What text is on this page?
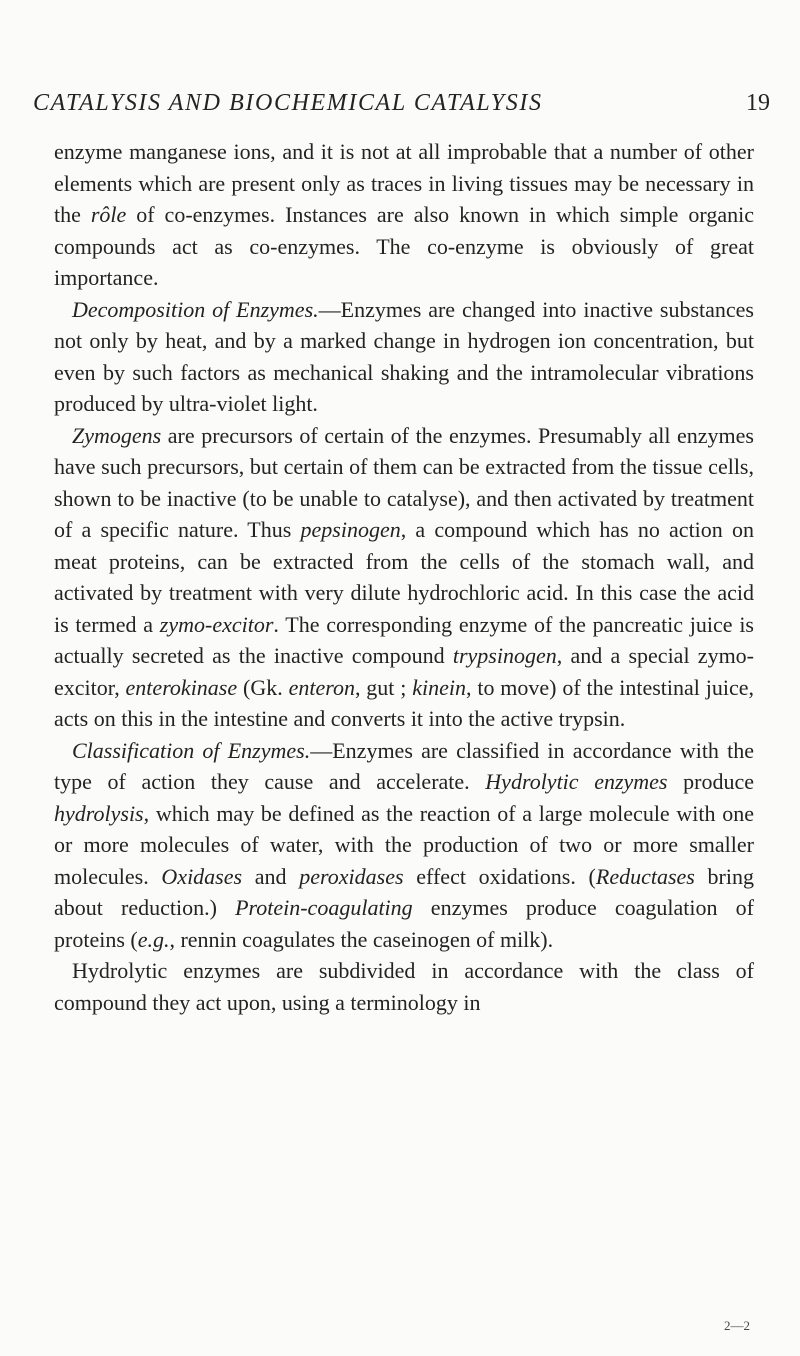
CATALYSIS AND BIOCHEMICAL CATALYSIS	19

enzyme manganese ions, and it is not at all improbable that a number of other elements which are present only as traces in living tissues may be necessary in the rôle of co-enzymes. Instances are also known in which simple organic compounds act as co-enzymes. The co-enzyme is obviously of great importance.

Decomposition of Enzymes.—Enzymes are changed into inactive substances not only by heat, and by a marked change in hydrogen ion concentration, but even by such factors as mechanical shaking and the intramolecular vibrations produced by ultra-violet light.

Zymogens are precursors of certain of the enzymes. Presumably all enzymes have such precursors, but certain of them can be extracted from the tissue cells, shown to be inactive (to be unable to catalyse), and then activated by treatment of a specific nature. Thus pepsinogen, a compound which has no action on meat proteins, can be extracted from the cells of the stomach wall, and activated by treatment with very dilute hydrochloric acid. In this case the acid is termed a zymo-excitor. The corresponding enzyme of the pancreatic juice is actually secreted as the inactive compound trypsinogen, and a special zymo-excitor, enterokinase (Gk. enteron, gut ; kinein, to move) of the intestinal juice, acts on this in the intestine and converts it into the active trypsin.

Classification of Enzymes.—Enzymes are classified in accordance with the type of action they cause and accelerate. Hydrolytic enzymes produce hydrolysis, which may be defined as the reaction of a large molecule with one or more molecules of water, with the production of two or more smaller molecules. Oxidases and peroxidases effect oxidations. (Reductases bring about reduction.) Protein-coagulating enzymes produce coagulation of proteins (e.g., rennin coagulates the caseinogen of milk).

Hydrolytic enzymes are subdivided in accordance with the class of compound they act upon, using a terminology in

2—2
